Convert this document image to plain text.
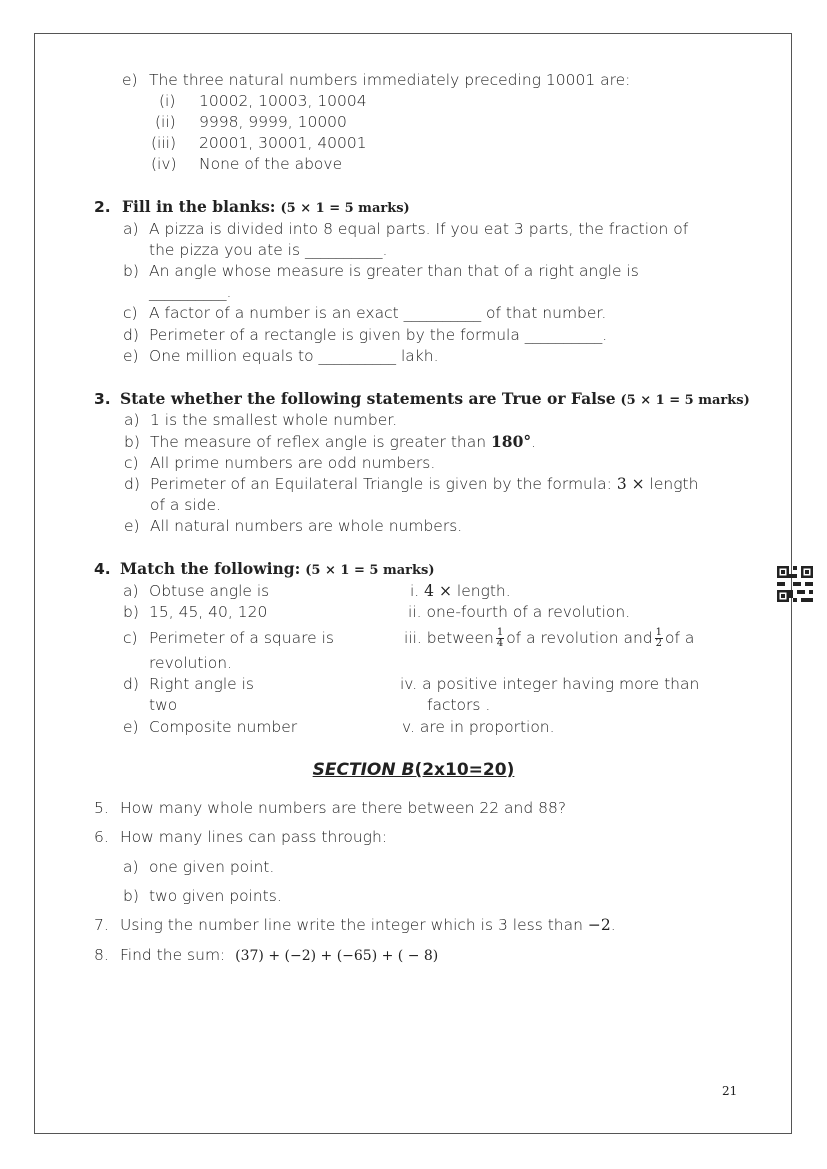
e) The three natural numbers immediately preceding 10001 are:
(i) 10002, 10003, 10004
(ii) 9998, 9999, 10000
(iii) 20001, 30001, 40001
(iv) None of the above
2. Fill in the blanks: (5 × 1 = 5 marks)
a) A pizza is divided into 8 equal parts. If you eat 3 parts, the fraction of
the pizza you ate is __________.
b) An angle whose measure is greater than that of a right angle is
__________.
c) A factor of a number is an exact __________ of that number.
d) Perimeter of a rectangle is given by the formula __________.
e) One million equals to __________ lakh.
3. State whether the following statements are True or False (5 × 1 = 5 marks)
a) 1 is the smallest whole number.
b) The measure of reflex angle is greater than 180°.
c) All prime numbers are odd numbers.
d) Perimeter of an Equilateral Triangle is given by the formula: 3 × length
of a side.
e) All natural numbers are whole numbers.
4. Match the following: (5 × 1 = 5 marks)
a) Obtuse angle is	i. 4 × length.
b) 15, 45, 40, 120	ii. one-fourth of a revolution.
c) Perimeter of a square is	iii. between $\frac{1}{4}$ of a revolution and $\frac{1}{2}$ of a
revolution.
d) Right angle is	iv. a positive integer having more than
two	factors .
e) Composite number	v. are in proportion.
SECTION B(2x10=20)
5. How many whole numbers are there between 22 and 88?
6. How many lines can pass through:
a) one given point.
b) two given points.
7. Using the number line write the integer which is 3 less than −2.
8. Find the sum: (37) + (−2) + (−65) + ( − 8)
21
